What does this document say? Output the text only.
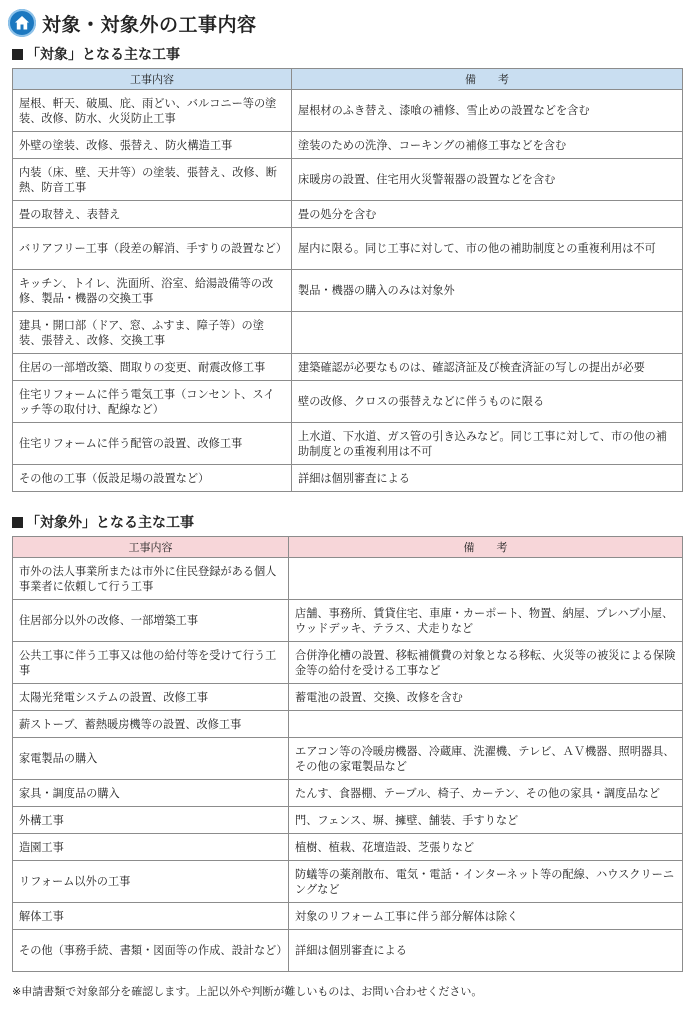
対象・対象外の工事内容
「対象」となる主な工事
工事内容	備　　考
屋根、軒天、破風、庇、雨どい、バルコニー等の塗装、改修、防水、火災防止工事	屋根材のふき替え、漆喰の補修、雪止めの設置などを含む
外壁の塗装、改修、張替え、防火構造工事	塗装のための洗浄、コーキングの補修工事などを含む
内装（床、壁、天井等）の塗装、張替え、改修、断熱、防音工事	床暖房の設置、住宅用火災警報器の設置などを含む
畳の取替え、表替え	畳の処分を含む
バリアフリー工事（段差の解消、手すりの設置など）	屋内に限る。同じ工事に対して、市の他の補助制度との重複利用は不可
キッチン、トイレ、洗面所、浴室、給湯設備等の改修、製品・機器の交換工事	製品・機器の購入のみは対象外
建具・開口部（ドア、窓、ふすま、障子等）の塗装、張替え、改修、交換工事	
住居の一部増改築、間取りの変更、耐震改修工事	建築確認が必要なものは、確認済証及び検査済証の写しの提出が必要
住宅リフォームに伴う電気工事（コンセント、スイッチ等の取付け、配線など）	壁の改修、クロスの張替えなどに伴うものに限る
住宅リフォームに伴う配管の設置、改修工事	上水道、下水道、ガス管の引き込みなど。同じ工事に対して、市の他の補助制度との重複利用は不可
その他の工事（仮設足場の設置など）	詳細は個別審査による
「対象外」となる主な工事
工事内容	備　　考
市外の法人事業所または市外に住民登録がある個人事業者に依頼して行う工事	
住居部分以外の改修、一部増築工事	店舗、事務所、賃貸住宅、車庫・カーポート、物置、納屋、プレハブ小屋、ウッドデッキ、テラス、犬走りなど
公共工事に伴う工事又は他の給付等を受けて行う工事	合併浄化槽の設置、移転補償費の対象となる移転、火災等の被災による保険金等の給付を受ける工事など
太陽光発電システムの設置、改修工事	蓄電池の設置、交換、改修を含む
薪ストーブ、蓄熱暖房機等の設置、改修工事	
家電製品の購入	エアコン等の冷暖房機器、冷蔵庫、洗濯機、テレビ、ＡＶ機器、照明器具、その他の家電製品など
家具・調度品の購入	たんす、食器棚、テーブル、椅子、カーテン、その他の家具・調度品など
外構工事	門、フェンス、塀、擁壁、舗装、手すりなど
造園工事	植樹、植栽、花壇造設、芝張りなど
リフォーム以外の工事	防蟻等の薬剤散布、電気・電話・インターネット等の配線、ハウスクリーニングなど
解体工事	対象のリフォーム工事に伴う部分解体は除く
その他（事務手続、書類・図面等の作成、設計など）	詳細は個別審査による
※申請書類で対象部分を確認します。上記以外や判断が難しいものは、お問い合わせください。
